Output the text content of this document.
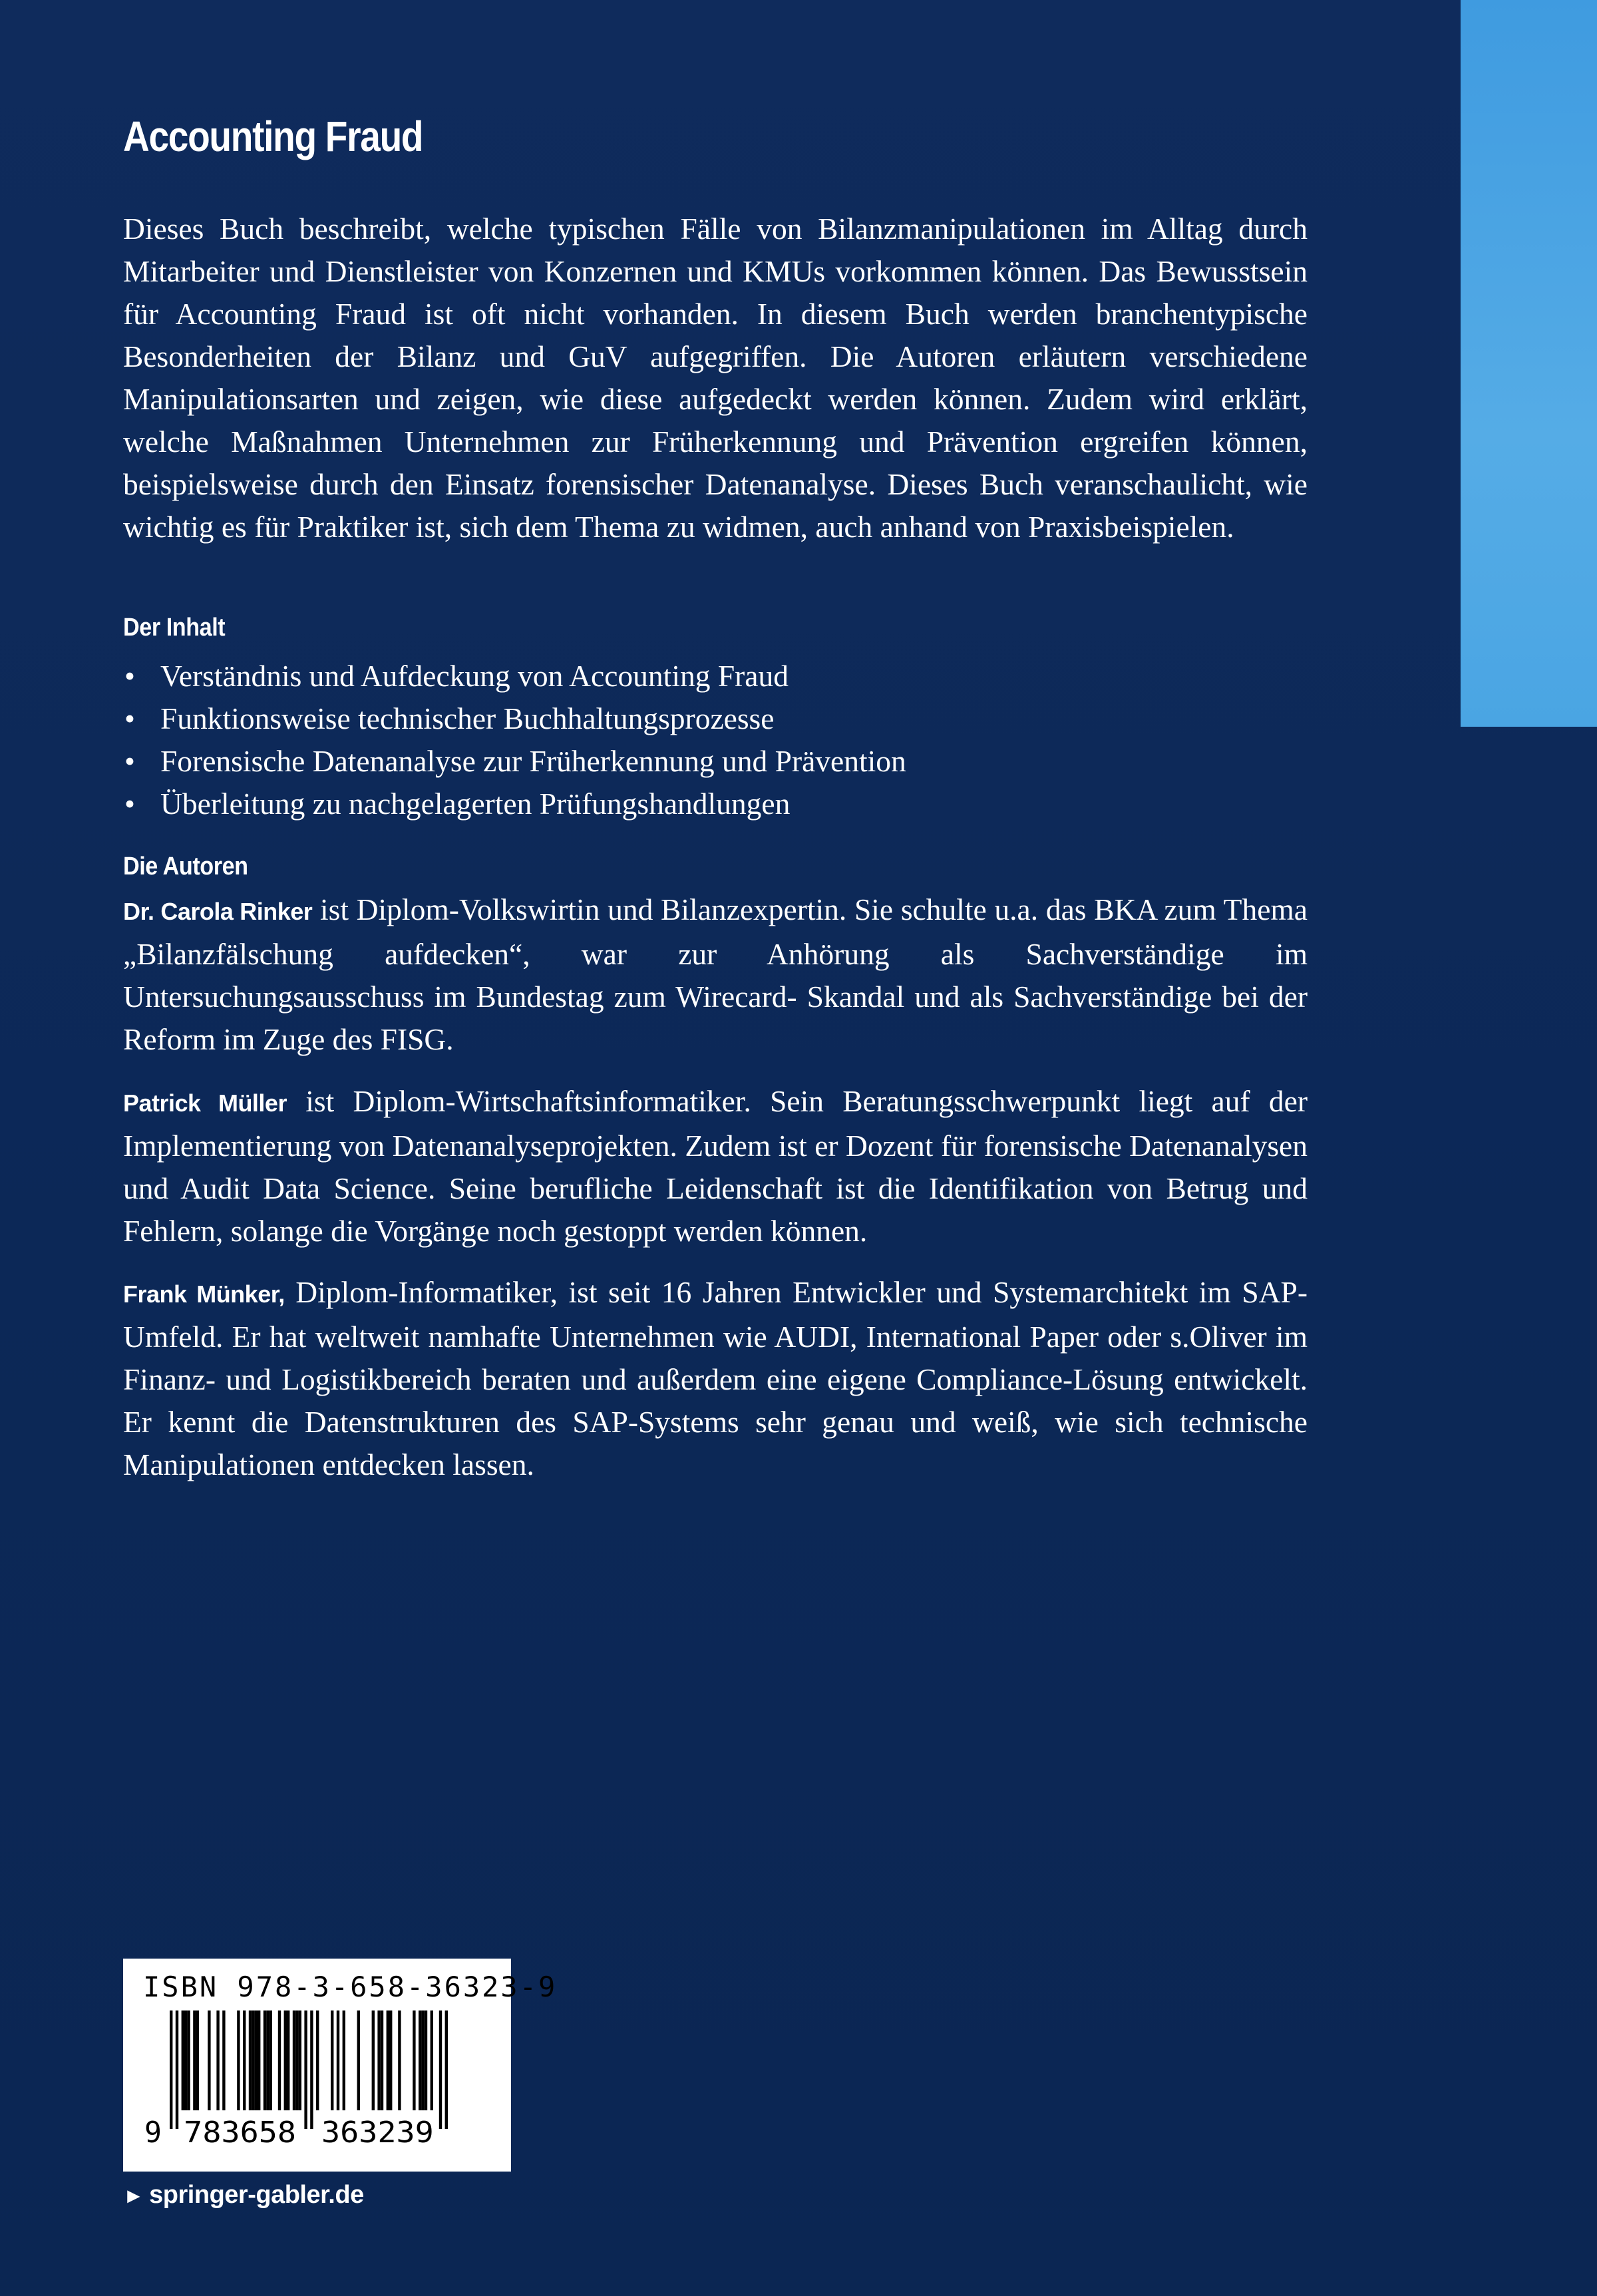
Accounting Fraud

Dieses Buch beschreibt, welche typischen Fälle von Bilanzmanipulationen im Alltag durch Mitarbeiter und Dienstleister von Konzernen und KMUs vorkommen können. Das Bewusstsein für Accounting Fraud ist oft nicht vorhanden. In diesem Buch werden branchentypische Besonderheiten der Bilanz und GuV aufgegriffen. Die Autoren erläutern verschiedene Manipulationsarten und zeigen, wie diese aufgedeckt werden können. Zudem wird erklärt, welche Maßnahmen Unternehmen zur Früherkennung und Prävention ergreifen können, beispielsweise durch den Einsatz forensischer Datenanalyse. Dieses Buch veranschaulicht, wie wichtig es für Praktiker ist, sich dem Thema zu widmen, auch anhand von Praxisbeispielen.

Der Inhalt
• Verständnis und Aufdeckung von Accounting Fraud
• Funktionsweise technischer Buchhaltungsprozesse
• Forensische Datenanalyse zur Früherkennung und Prävention
• Überleitung zu nachgelagerten Prüfungshandlungen
Die Autoren

Dr. Carola Rinker ist Diplom-Volkswirtin und Bilanzexpertin. Sie schulte u.a. das BKA zum Thema „Bilanzfälschung aufdecken“, war zur Anhörung als Sachverständige im Untersuchungsausschuss im Bundestag zum Wirecard- Skandal und als Sachverständige bei der Reform im Zuge des FISG.

Patrick Müller ist Diplom-Wirtschaftsinformatiker. Sein Beratungsschwerpunkt liegt auf der Implementierung von Datenanalyseprojekten. Zudem ist er Dozent für forensische Datenanalysen und Audit Data Science. Seine berufliche Leidenschaft ist die Identifikation von Betrug und Fehlern, solange die Vorgänge noch gestoppt werden können.

Frank Münker, Diplom-Informatiker, ist seit 16 Jahren Entwickler und Systemarchitekt im SAP-Umfeld. Er hat weltweit namhafte Unternehmen wie AUDI, International Paper oder s.Oliver im Finanz- und Logistikbereich beraten und außerdem eine eigene Compliance-Lösung entwickelt. Er kennt die Datenstrukturen des SAP-Systems sehr genau und weiß, wie sich technische Manipulationen entdecken lassen.

ISBN 978-3-658-36323-9

9 783658 363239

► springer-gabler.de
